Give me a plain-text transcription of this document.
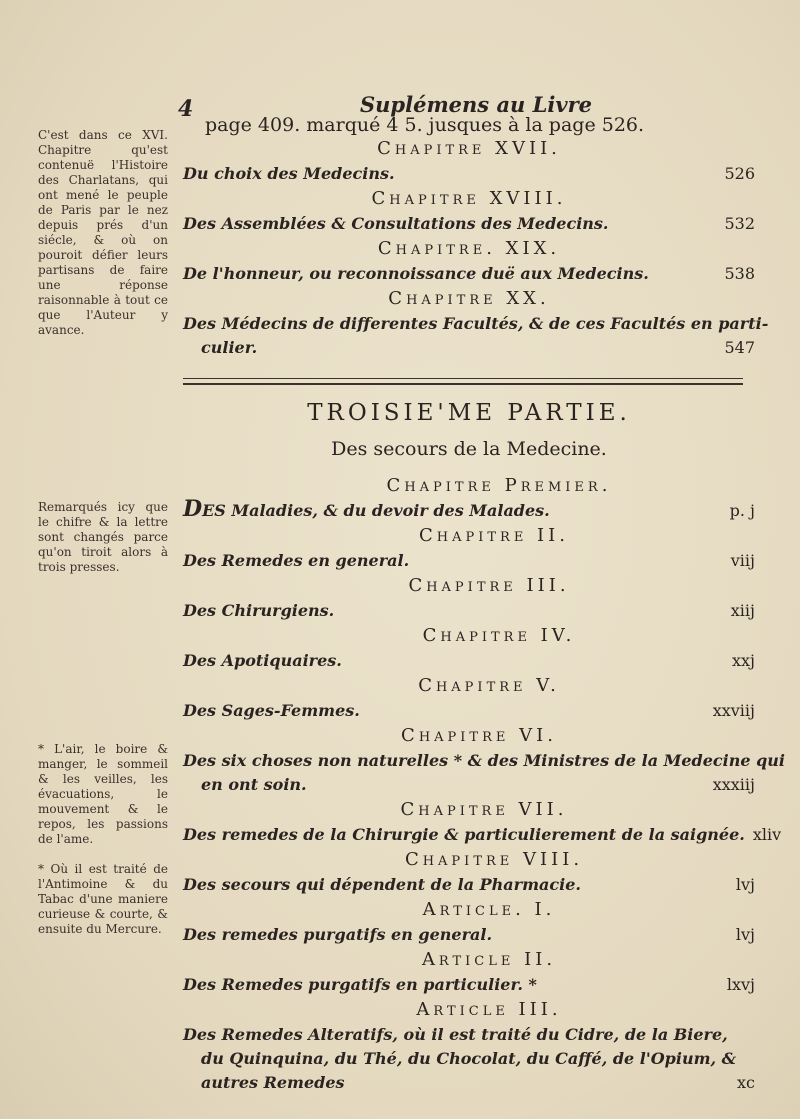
4	Suplémens au Livre

C'est dans ce XVI. Chapitre qu'est contenuë l'Histoire des Charlatans, qui ont mené le peuple de Paris par le nez depuis prés d'un siécle, & où on pouroit défier leurs partisans de faire une réponse raisonnable à tout ce que l'Auteur y avance.

Remarqués icy que le chifre & la lettre sont changés parce qu'on tiroit alors à trois presses.

* L'air, le boire & manger, le sommeil & les veilles, les évacuations, le mouvement & le repos, les passions de l'ame.

* Où il est traité de l'Antimoine & du Tabac d'une maniere curieuse & courte, & ensuite du Mercure.

page 409. marqué 4 5. jusques à la page 526.
Chapitre XVII.
Du choix des Medecins.	526
Chapitre XVIII.
Des Assemblées & Consultations des Medecins.	532
Chapitre. XIX.
De l'honneur, ou reconnoissance duë aux Medecins.	538
Chapitre XX.
Des Médecins de differentes Facultés, & de ces Facultés en parti-
culier.	547
TROISIE'ME PARTIE.
Des secours de la Medecine.
Chapitre Premier.
DES Maladies, & du devoir des Malades.	p. j
Chapitre II.
Des Remedes en general.	viij
Chapitre III.
Des Chirurgiens.	xiij
Chapitre IV.
Des Apotiquaires.	xxj
Chapitre V.
Des Sages-Femmes.	xxviij
Chapitre VI.
Des six choses non naturelles * & des Ministres de la Medecine qui
en ont soin.	xxxiij
Chapitre VII.
Des remedes de la Chirurgie & particulierement de la saignée. xliv
Chapitre VIII.
Des secours qui dépendent de la Pharmacie.	lvj
Article. I.
Des remedes purgatifs en general.	lvj
Article II.
Des Remedes purgatifs en particulier. *	lxvj
Article III.
Des Remedes Alteratifs, où il est traité du Cidre, de la Biere,
du Quinquina, du Thé, du Chocolat, du Caffé, de l'Opium, &
autres Remedes	xc
